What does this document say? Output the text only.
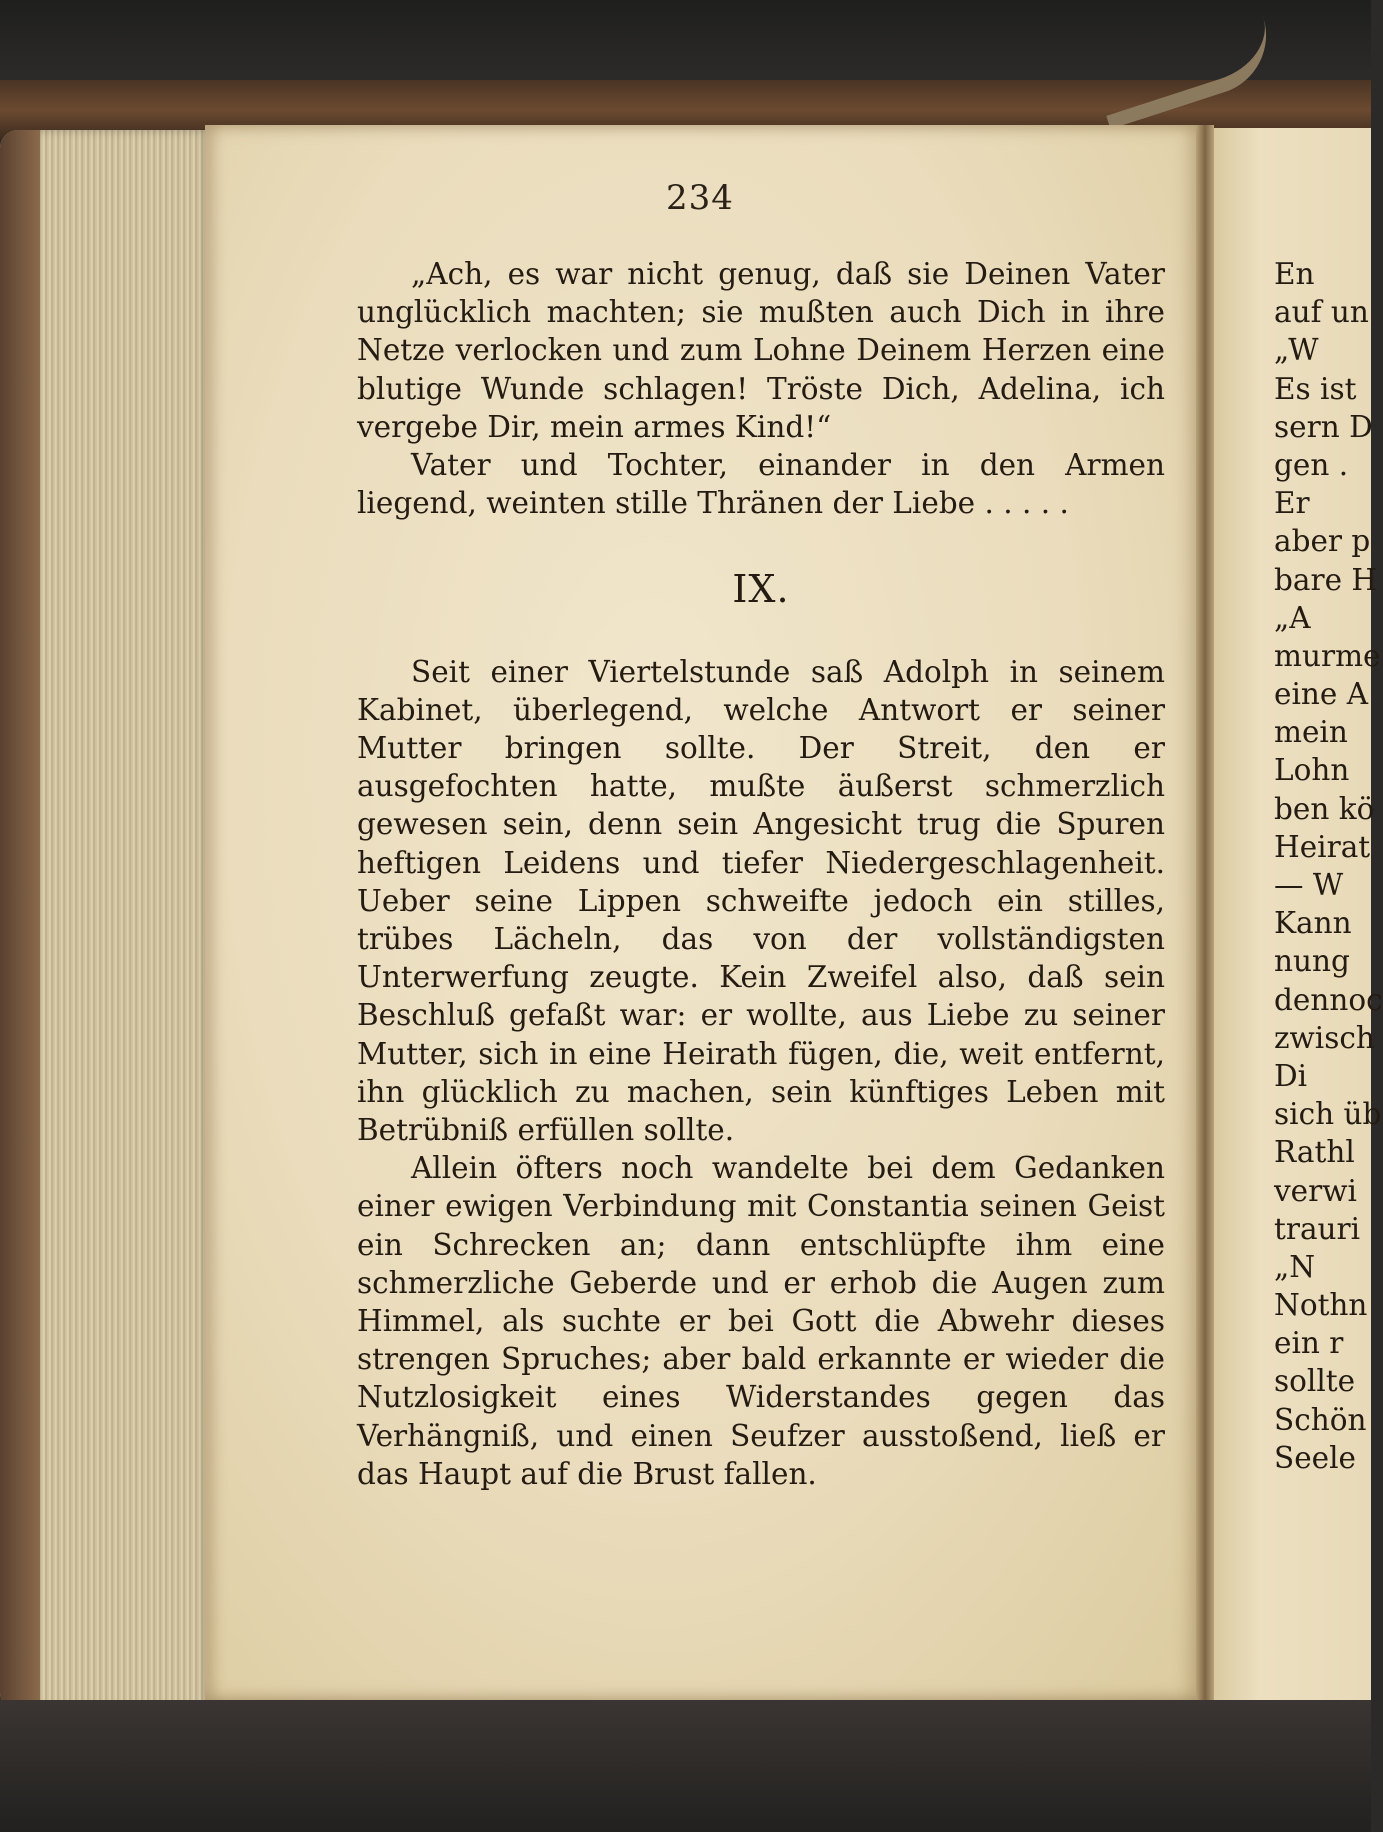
234

„Ach, es war nicht genug, daß sie Deinen Vater unglücklich machten; sie mußten auch Dich in ihre Netze verlocken und zum Lohne Deinem Herzen eine blutige Wunde schlagen! Tröste Dich, Adelina, ich vergebe Dir, mein armes Kind!“

Vater und Tochter, einander in den Armen liegend, weinten stille Thränen der Liebe . . . . .

IX.

Seit einer Viertelstunde saß Adolph in seinem Kabinet, überlegend, welche Antwort er seiner Mutter bringen sollte. Der Streit, den er ausgefochten hatte, mußte äußerst schmerzlich gewesen sein, denn sein Angesicht trug die Spuren heftigen Leidens und tiefer Niedergeschlagenheit. Ueber seine Lippen schweifte jedoch ein stilles, trübes Lächeln, das von der vollständigsten Unterwerfung zeugte. Kein Zweifel also, daß sein Beschluß gefaßt war: er wollte, aus Liebe zu seiner Mutter, sich in eine Heirath fügen, die, weit entfernt, ihn glücklich zu machen, sein künftiges Leben mit Betrübniß erfüllen sollte.

Allein öfters noch wandelte bei dem Gedanken einer ewigen Verbindung mit Constantia seinen Geist ein Schrecken an; dann entschlüpfte ihm eine schmerzliche Geberde und er erhob die Augen zum Himmel, als suchte er bei Gott die Abwehr dieses strengen Spruches; aber bald erkannte er wieder die Nutzlosigkeit eines Widerstandes gegen das Verhängniß, und einen Seufzer ausstoßend, ließ er das Haupt auf die Brust fallen.

En
auf un
„W
Es ist
sern D
gen .
Er
aber p
bare H
„A
murme
eine A
mein
Lohn
ben kö
Heirat
— W
Kann
nung
dennoc
zwisch
Di
sich üb
Rathl
verwi
trauri
„N
Nothn
ein r
sollte
Schön
Seele
